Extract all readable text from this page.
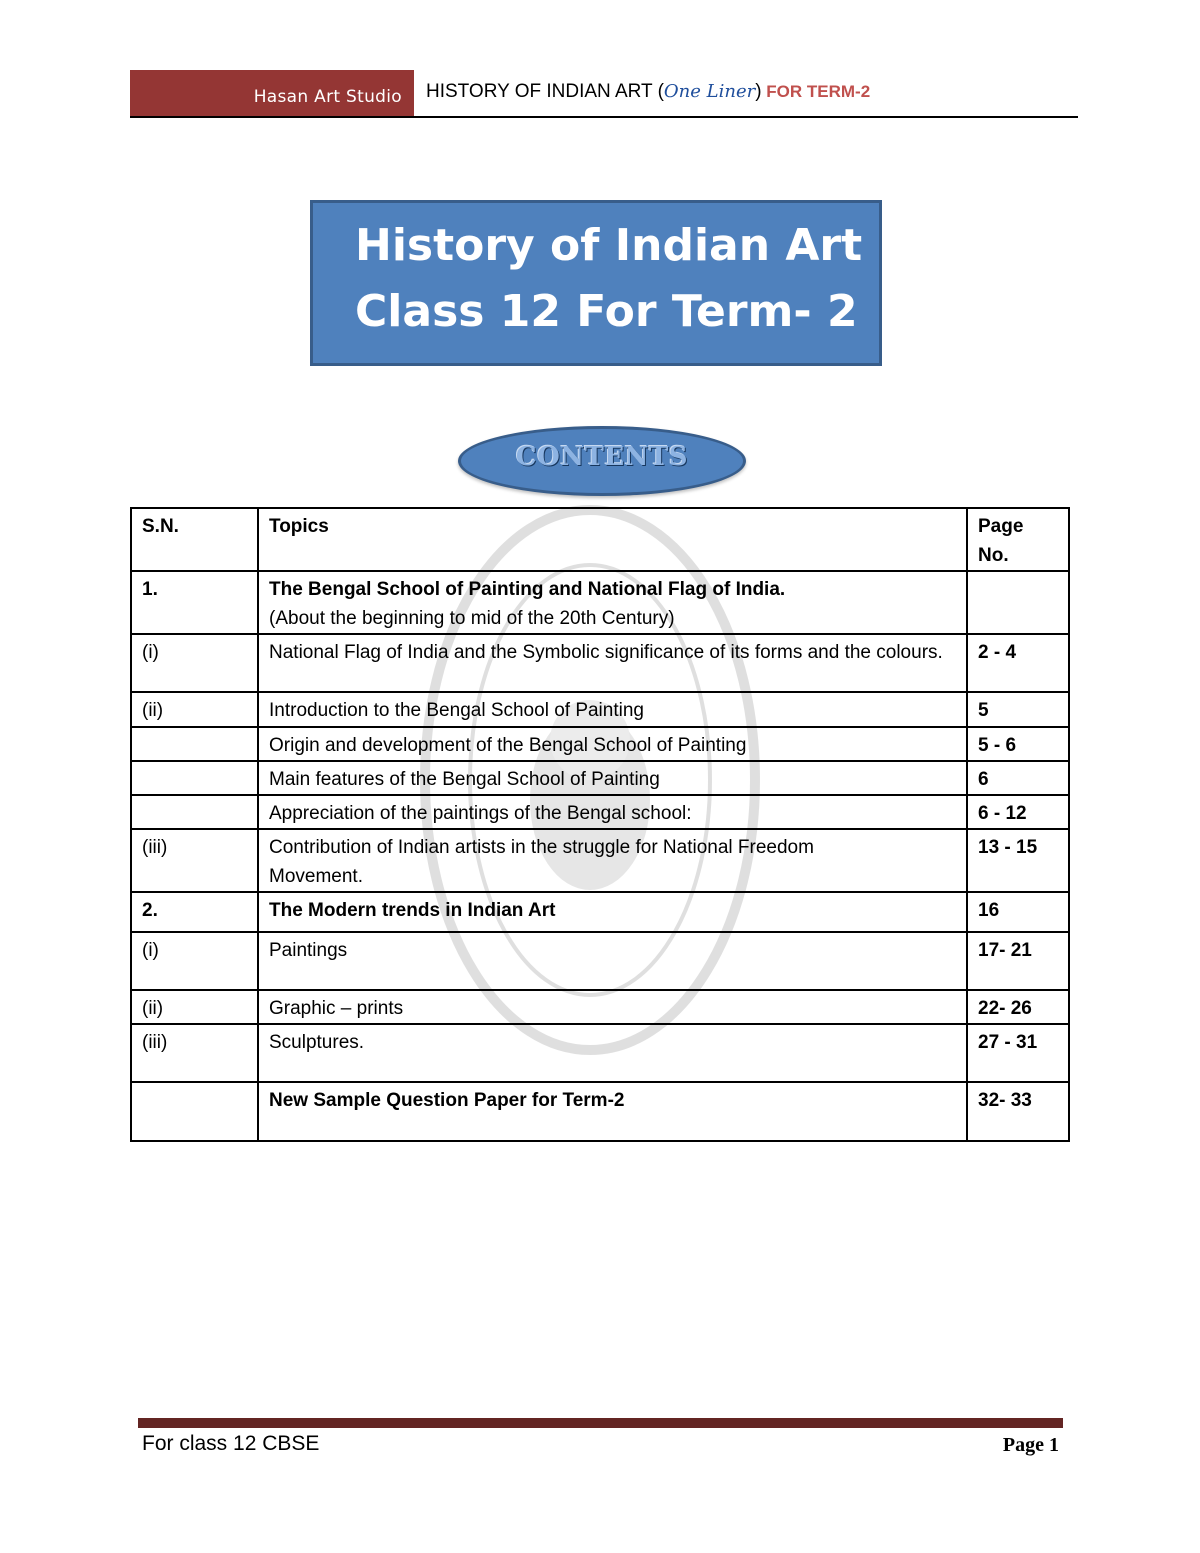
Hasan Art Studio HISTORY OF INDIAN ART (One Liner) FOR TERM-2
History of Indian Art
Class 12 For Term- 2
CONTENTS
S.N.	Topics	Page No.
1.	The Bengal School of Painting and National Flag of India.
(About the beginning to mid of the 20th Century)	

(i)	National Flag of India and the Symbolic significance of its forms and the colours.	2 - 4
(ii)	Introduction to the Bengal School of Painting	5
	Origin and development of the Bengal School of Painting	5 - 6
	Main features of the Bengal School of Painting	6
	Appreciation of the paintings of the Bengal school:	6 - 12
(iii)	Contribution of Indian artists in the struggle for National Freedom Movement.	13 - 15
2.	The Modern trends in Indian Art	16
(i)	Paintings	17- 21
(ii)	Graphic – prints	22- 26
(iii)	Sculptures.	27 - 31
	New Sample Question Paper for Term-2	32- 33
For class 12 CBSE	Page 1
